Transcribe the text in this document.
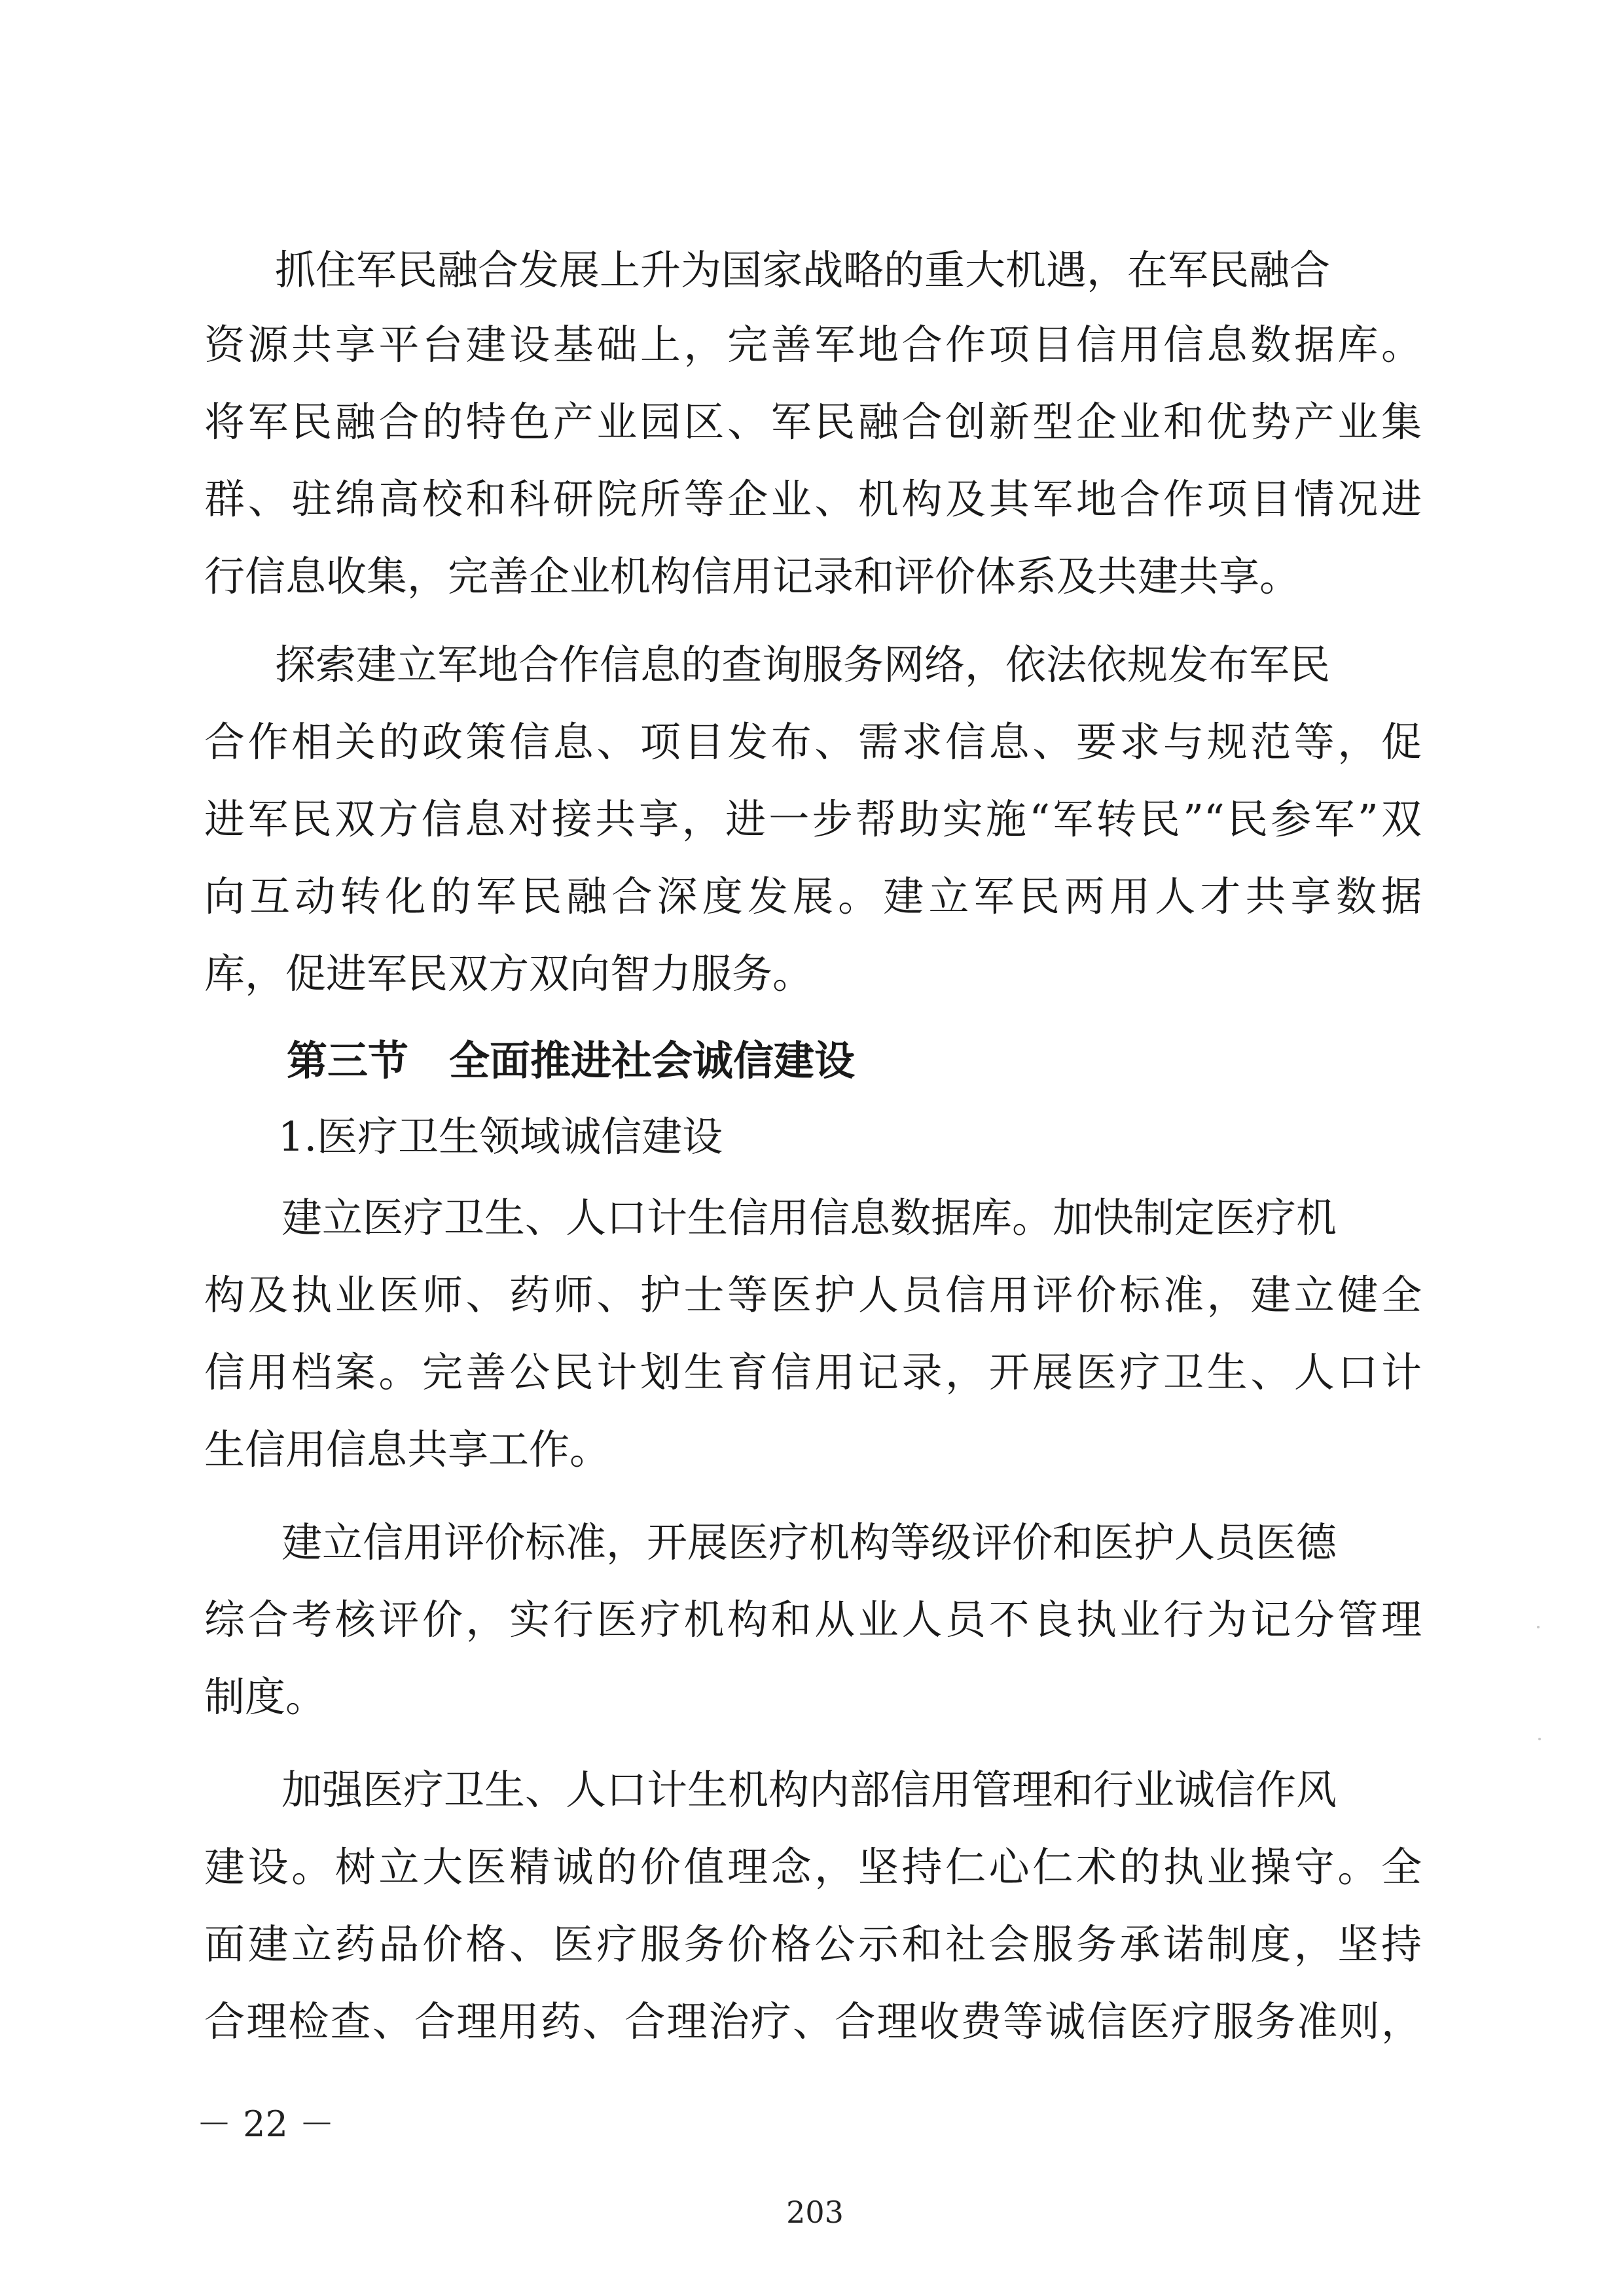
抓住军民融合发展上升为国家战略的重大机遇，在军民融合
资源共享平台建设基础上，完善军地合作项目信用信息数据库。
将军民融合的特色产业园区、军民融合创新型企业和优势产业集
群、驻绵高校和科研院所等企业、机构及其军地合作项目情况进
行信息收集，完善企业机构信用记录和评价体系及共建共享。
探索建立军地合作信息的查询服务网络，依法依规发布军民
合作相关的政策信息、项目发布、需求信息、要求与规范等，促
进军民双方信息对接共享，进一步帮助实施“军转民”“民参军”双
向互动转化的军民融合深度发展。建立军民两用人才共享数据
库，促进军民双方双向智力服务。
第三节　全面推进社会诚信建设
1.医疗卫生领域诚信建设
建立医疗卫生、人口计生信用信息数据库。加快制定医疗机
构及执业医师、药师、护士等医护人员信用评价标准，建立健全
信用档案。完善公民计划生育信用记录，开展医疗卫生、人口计
生信用信息共享工作。
建立信用评价标准，开展医疗机构等级评价和医护人员医德
综合考核评价，实行医疗机构和从业人员不良执业行为记分管理
制度。
加强医疗卫生、人口计生机构内部信用管理和行业诚信作风
建设。树立大医精诚的价值理念，坚持仁心仁术的执业操守。全
面建立药品价格、医疗服务价格公示和社会服务承诺制度，坚持
合理检查、合理用药、合理治疗、合理收费等诚信医疗服务准则，
－ 22 －
203
